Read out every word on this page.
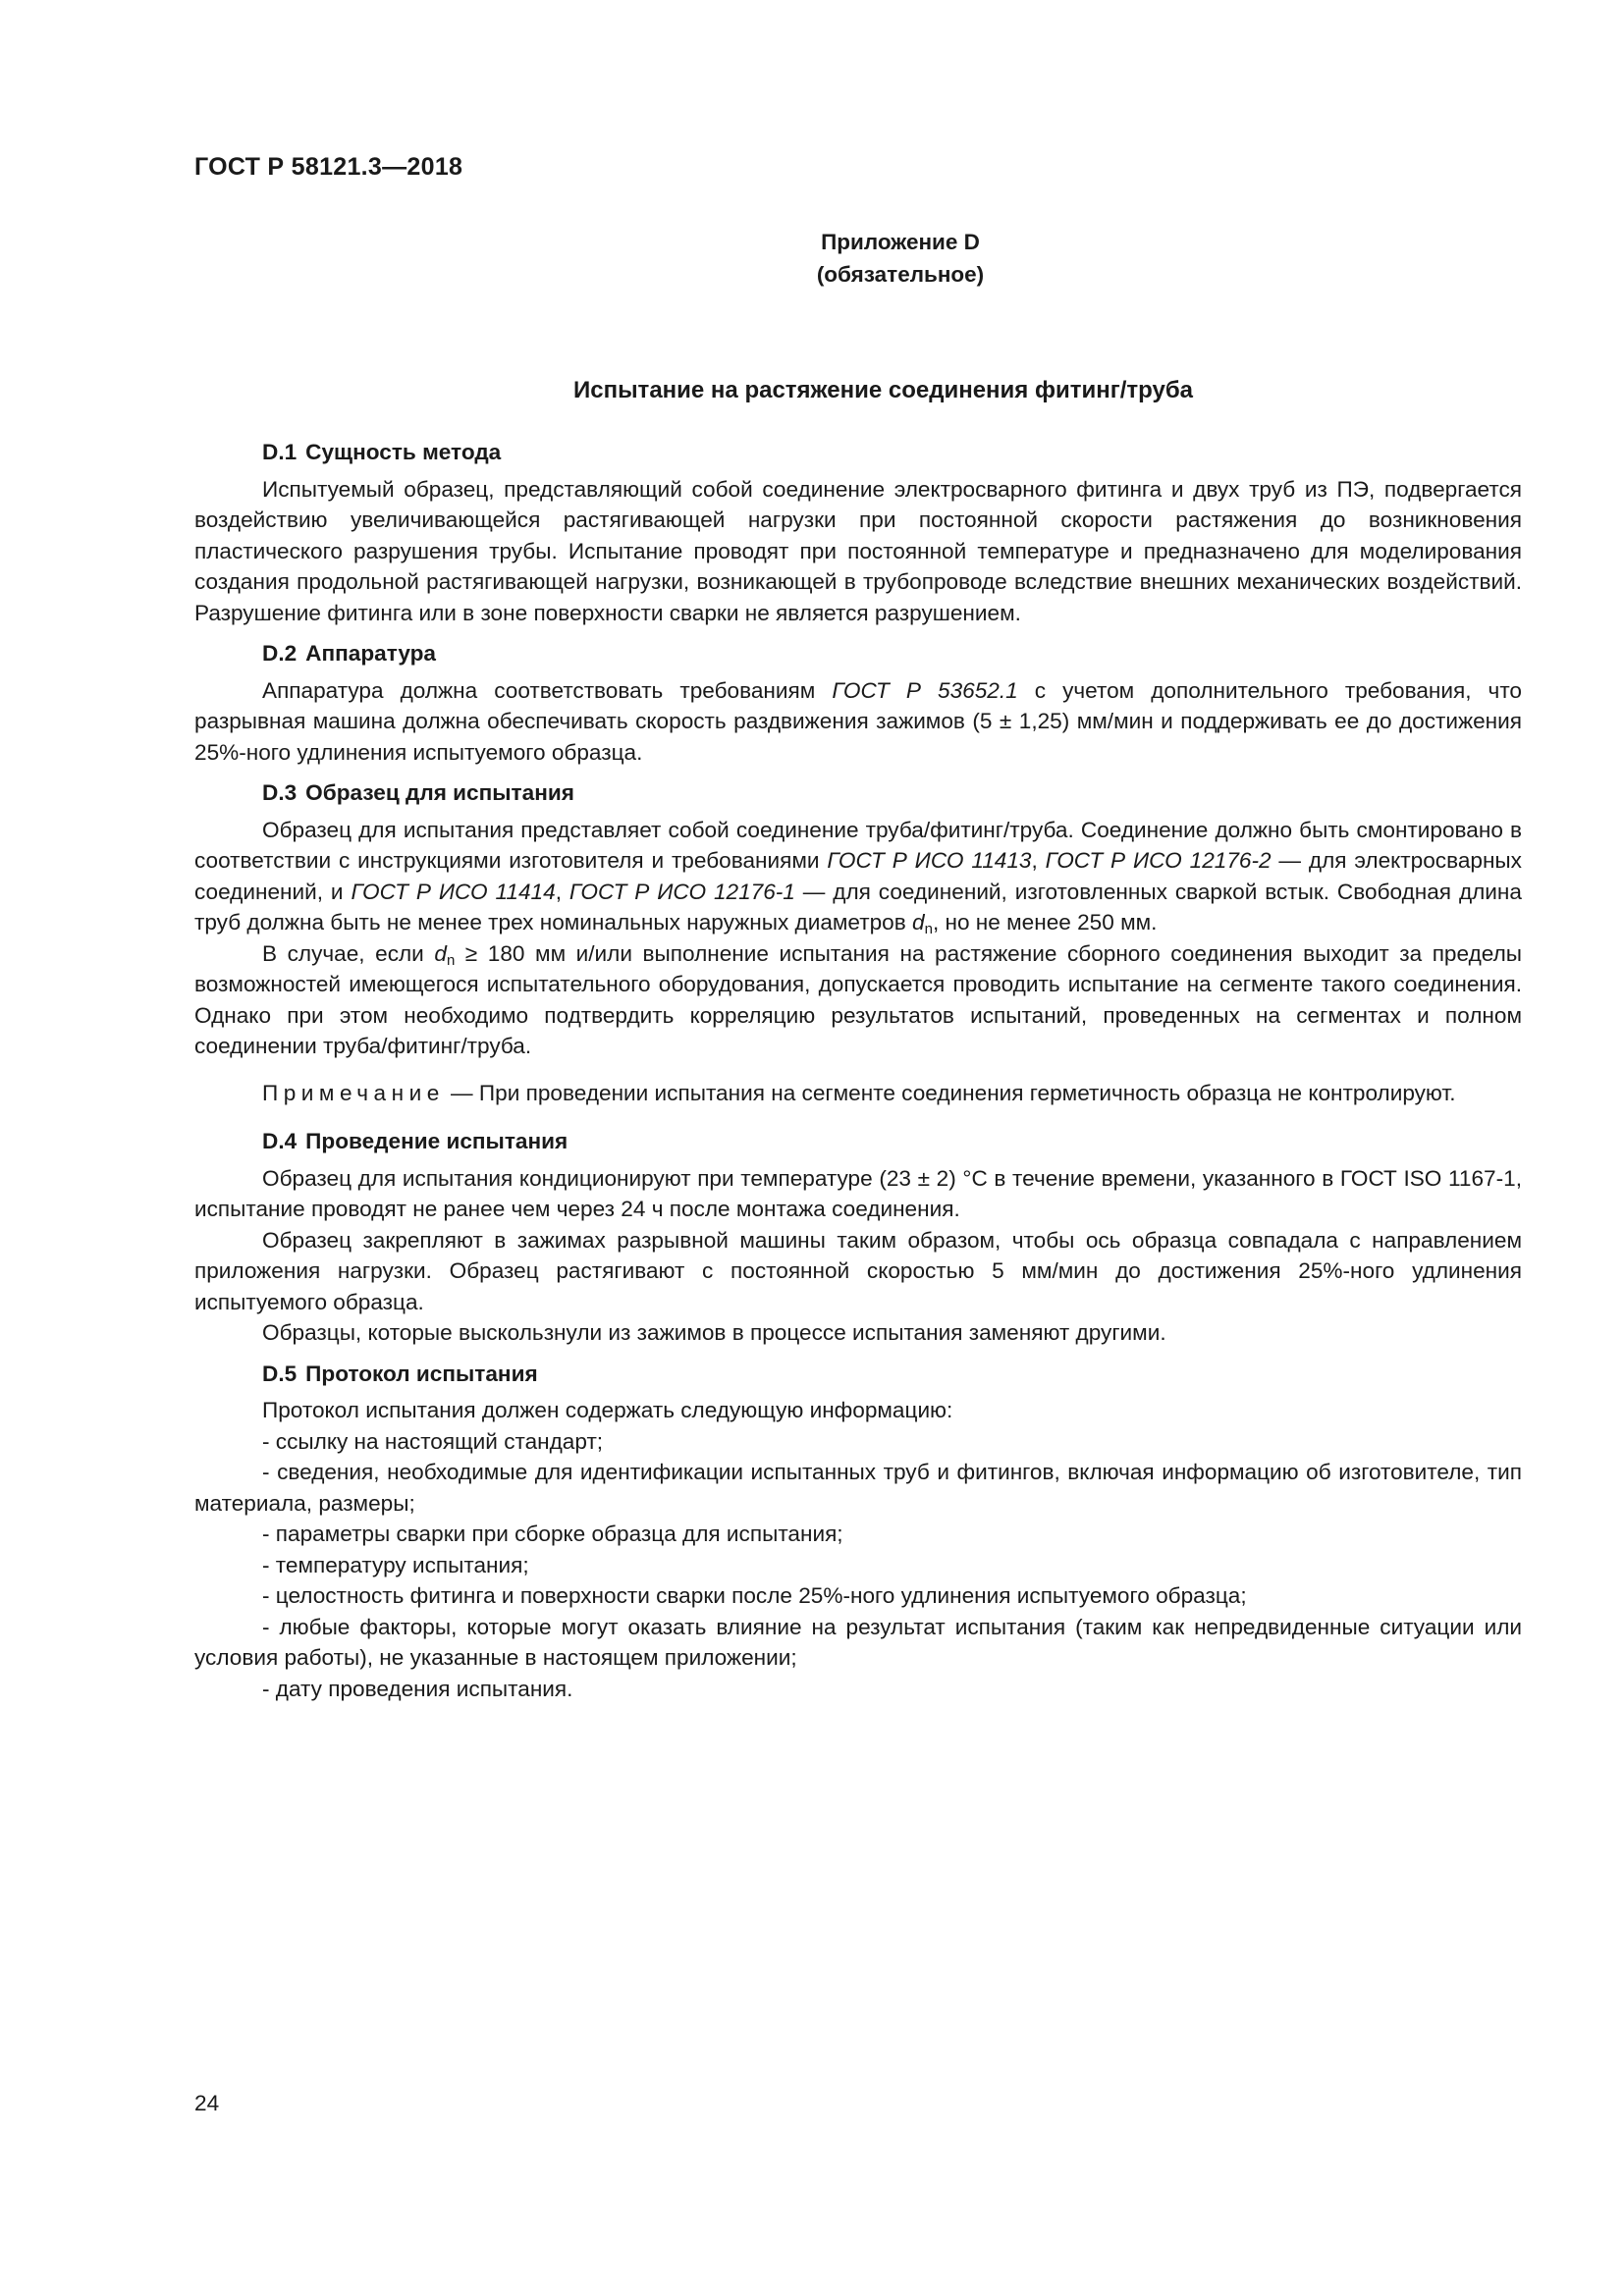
ГОСТ Р 58121.3—2018
Приложение D
(обязательное)
Испытание на растяжение соединения фитинг/труба
D.1 Сущность метода

Испытуемый образец, представляющий собой соединение электросварного фитинга и двух труб из ПЭ, подвергается воздействию увеличивающейся растягивающей нагрузки при постоянной скорости растяжения до возникновения пластического разрушения трубы. Испытание проводят при постоянной температуре и предназначено для моделирования создания продольной растягивающей нагрузки, возникающей в трубопроводе вследствие внешних механических воздействий. Разрушение фитинга или в зоне поверхности сварки не является разрушением.

D.2 Аппаратура

Аппаратура должна соответствовать требованиям ГОСТ Р 53652.1 с учетом дополнительного требования, что разрывная машина должна обеспечивать скорость раздвижения зажимов (5 ± 1,25) мм/мин и поддерживать ее до достижения 25%-ного удлинения испытуемого образца.

D.3 Образец для испытания

Образец для испытания представляет собой соединение труба/фитинг/труба. Соединение должно быть смонтировано в соответствии с инструкциями изготовителя и требованиями ГОСТ Р ИСО 11413, ГОСТ Р ИСО 12176-2 — для электросварных соединений, и ГОСТ Р ИСО 11414, ГОСТ Р ИСО 12176-1 — для соединений, изготовленных сваркой встык. Свободная длина труб должна быть не менее трех номинальных наружных диаметров $d_n$, но не менее 250 мм.

В случае, если $d_n \ge 180$ мм и/или выполнение испытания на растяжение сборного соединения выходит за пределы возможностей имеющегося испытательного оборудования, допускается проводить испытание на сегменте такого соединения. Однако при этом необходимо подтвердить корреляцию результатов испытаний, проведенных на сегментах и полном соединении труба/фитинг/труба.

Примечание — При проведении испытания на сегменте соединения герметичность образца не контролируют.

D.4 Проведение испытания

Образец для испытания кондиционируют при температуре (23 ± 2) °С в течение времени, указанного в ГОСТ ISO 1167-1, испытание проводят не ранее чем через 24 ч после монтажа соединения.

Образец закрепляют в зажимах разрывной машины таким образом, чтобы ось образца совпадала с направлением приложения нагрузки. Образец растягивают с постоянной скоростью 5 мм/мин до достижения 25%-ного удлинения испытуемого образца.

Образцы, которые выскользнули из зажимов в процессе испытания заменяют другими.

D.5 Протокол испытания

Протокол испытания должен содержать следующую информацию:

- ссылку на настоящий стандарт;

- сведения, необходимые для идентификации испытанных труб и фитингов, включая информацию об изготовителе, тип материала, размеры;

- параметры сварки при сборке образца для испытания;

- температуру испытания;

- целостность фитинга и поверхности сварки после 25%-ного удлинения испытуемого образца;

- любые факторы, которые могут оказать влияние на результат испытания (таким как непредвиденные ситуации или условия работы), не указанные в настоящем приложении;

- дату проведения испытания.

24
